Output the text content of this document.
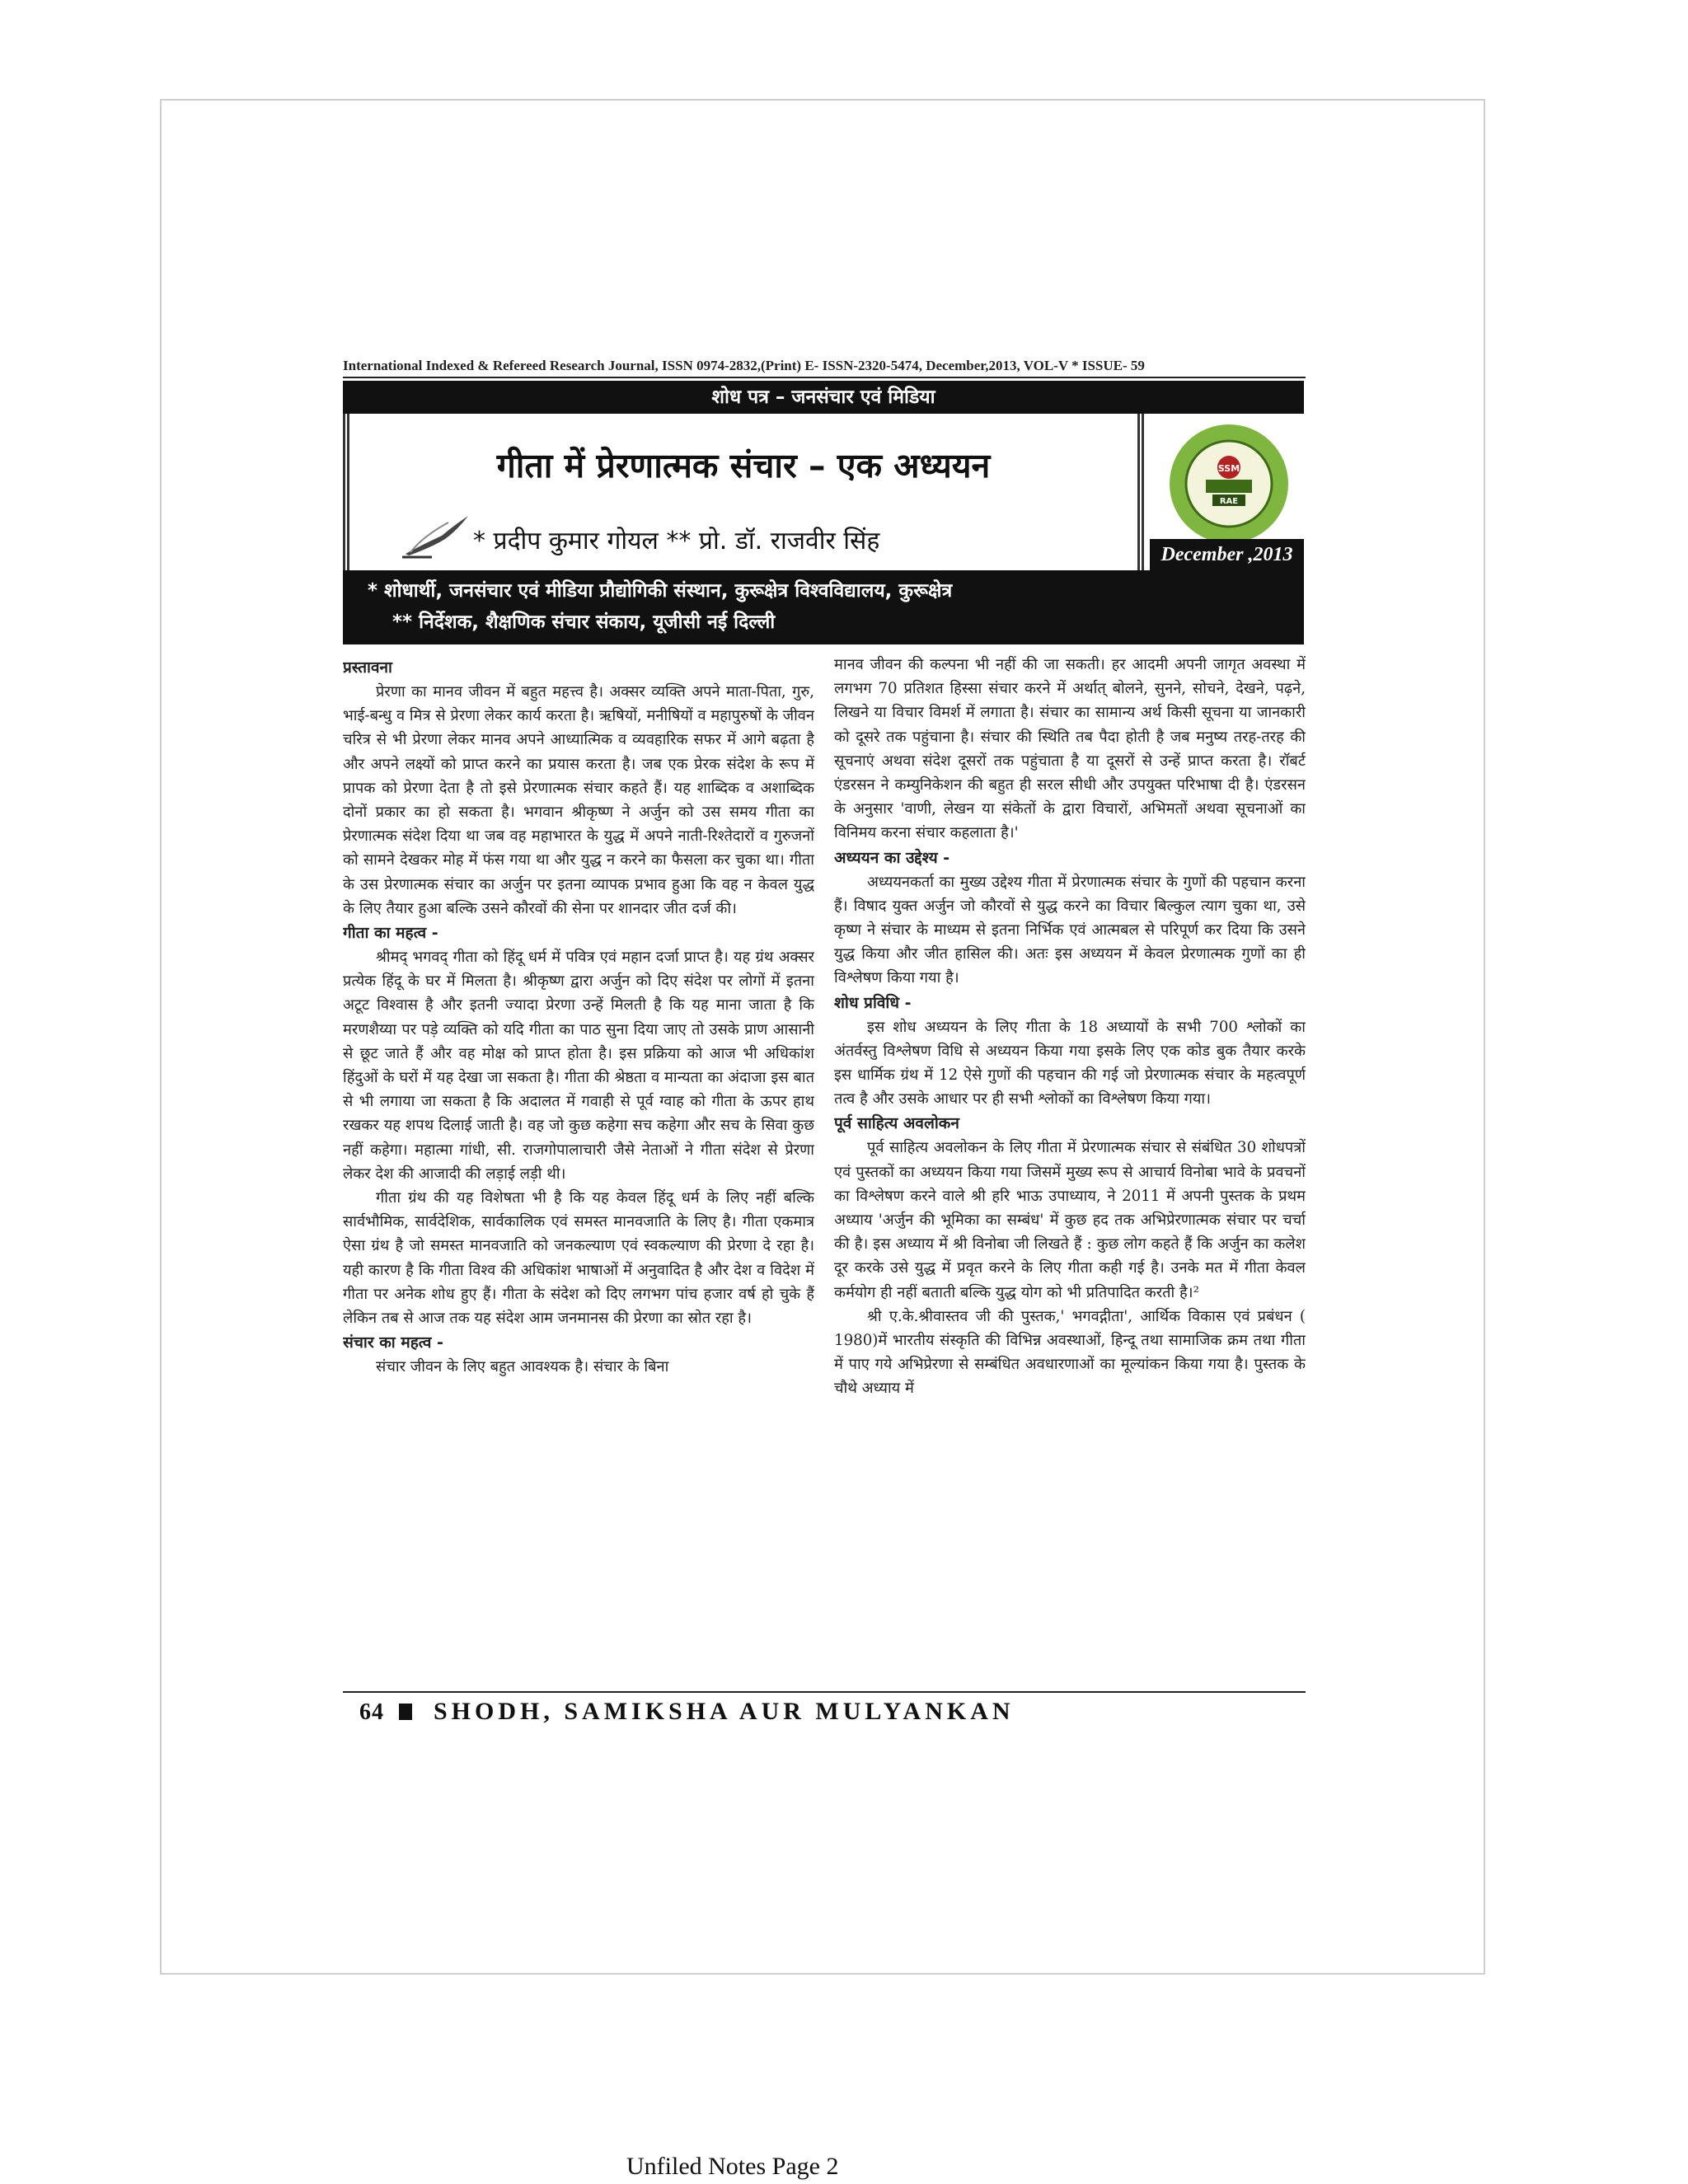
International Indexed & Refereed Research Journal, ISSN 0974-2832,(Print) E- ISSN-2320-5474, December,2013, VOL-V * ISSUE- 59
शोध पत्र – जनसंचार एवं मिडिया
गीता में प्रेरणात्मक संचार – एक अध्ययन
* प्रदीप कुमार गोयल ** प्रो. डॉ. राजवीर सिंह
SSM
RAE
December ,2013
* शोधार्थी, जनसंचार एवं मीडिया प्रौद्योगिकी संस्थान, कुरूक्षेत्र विश्वविद्यालय, कुरूक्षेत्र
** निर्देशक, शैक्षणिक संचार संकाय, यूजीसी नई दिल्ली
प्रस्तावना

प्रेरणा का मानव जीवन में बहुत महत्त्व है। अक्सर व्यक्ति अपने माता-पिता, गुरु, भाई-बन्धु व मित्र से प्रेरणा लेकर कार्य करता है। ऋषियों, मनीषियों व महापुरुषों के जीवन चरित्र से भी प्रेरणा लेकर मानव अपने आध्यात्मिक व व्यवहारिक सफर में आगे बढ़ता है और अपने लक्ष्यों को प्राप्त करने का प्रयास करता है। जब एक प्रेरक संदेश के रूप में प्रापक को प्रेरणा देता है तो इसे प्रेरणात्मक संचार कहते हैं। यह शाब्दिक व अशाब्दिक दोनों प्रकार का हो सकता है। भगवान श्रीकृष्ण ने अर्जुन को उस समय गीता का प्रेरणात्मक संदेश दिया था जब वह महाभारत के युद्ध में अपने नाती-रिश्तेदारों व गुरुजनों को सामने देखकर मोह में फंस गया था और युद्ध न करने का फैसला कर चुका था। गीता के उस प्रेरणात्मक संचार का अर्जुन पर इतना व्यापक प्रभाव हुआ कि वह न केवल युद्ध के लिए तैयार हुआ बल्कि उसने कौरवों की सेना पर शानदार जीत दर्ज की।

गीता का महत्व -

श्रीमद् भगवद् गीता को हिंदू धर्म में पवित्र एवं महान दर्जा प्राप्त है। यह ग्रंथ अक्सर प्रत्येक हिंदू के घर में मिलता है। श्रीकृष्ण द्वारा अर्जुन को दिए संदेश पर लोगों में इतना अटूट विश्वास है और इतनी ज्यादा प्रेरणा उन्हें मिलती है कि यह माना जाता है कि मरणशैय्या पर पड़े व्यक्ति को यदि गीता का पाठ सुना दिया जाए तो उसके प्राण आसानी से छूट जाते हैं और वह मोक्ष को प्राप्त होता है। इस प्रक्रिया को आज भी अधिकांश हिंदुओं के घरों में यह देखा जा सकता है। गीता की श्रेष्ठता व मान्यता का अंदाजा इस बात से भी लगाया जा सकता है कि अदालत में गवाही से पूर्व ग्वाह को गीता के ऊपर हाथ रखकर यह शपथ दिलाई जाती है। वह जो कुछ कहेगा सच कहेगा और सच के सिवा कुछ नहीं कहेगा। महात्मा गांधी, सी. राजगोपालाचारी जैसे नेताओं ने गीता संदेश से प्रेरणा लेकर देश की आजादी की लड़ाई लड़ी थी।

गीता ग्रंथ की यह विशेषता भी है कि यह केवल हिंदू धर्म के लिए नहीं बल्कि सार्वभौमिक, सार्वदेशिक, सार्वकालिक एवं समस्त मानवजाति के लिए है। गीता एकमात्र ऐसा ग्रंथ है जो समस्त मानवजाति को जनकल्याण एवं स्वकल्याण की प्रेरणा दे रहा है। यही कारण है कि गीता विश्व की अधिकांश भाषाओं में अनुवादित है और देश व विदेश में गीता पर अनेक शोध हुए हैं। गीता के संदेश को दिए लगभग पांच हजार वर्ष हो चुके हैं लेकिन तब से आज तक यह संदेश आम जनमानस की प्रेरणा का स्रोत रहा है।

संचार का महत्व -

संचार जीवन के लिए बहुत आवश्यक है। संचार के बिना

मानव जीवन की कल्पना भी नहीं की जा सकती। हर आदमी अपनी जागृत अवस्था में लगभग 70 प्रतिशत हिस्सा संचार करने में अर्थात् बोलने, सुनने, सोचने, देखने, पढ़ने, लिखने या विचार विमर्श में लगाता है। संचार का सामान्य अर्थ किसी सूचना या जानकारी को दूसरे तक पहुंचाना है। संचार की स्थिति तब पैदा होती है जब मनुष्य तरह-तरह की सूचनाएं अथवा संदेश दूसरों तक पहुंचाता है या दूसरों से उन्हें प्राप्त करता है। रॉबर्ट एंडरसन ने कम्युनिकेशन की बहुत ही सरल सीधी और उपयुक्त परिभाषा दी है। एंडरसन के अनुसार 'वाणी, लेखन या संकेतों के द्वारा विचारों, अभिमतों अथवा सूचनाओं का विनिमय करना संचार कहलाता है।'

अध्ययन का उद्देश्य -

अध्ययनकर्ता का मुख्य उद्देश्य गीता में प्रेरणात्मक संचार के गुणों की पहचान करना हैं। विषाद युक्त अर्जुन जो कौरवों से युद्ध करने का विचार बिल्कुल त्याग चुका था, उसे कृष्ण ने संचार के माध्यम से इतना निर्भिक एवं आत्मबल से परिपूर्ण कर दिया कि उसने युद्ध किया और जीत हासिल की। अतः इस अध्ययन में केवल प्रेरणात्मक गुणों का ही विश्लेषण किया गया है।

शोध प्रविधि -

इस शोध अध्ययन के लिए गीता के 18 अध्यायों के सभी 700 श्लोकों का अंतर्वस्तु विश्लेषण विधि से अध्ययन किया गया इसके लिए एक कोड बुक तैयार करके इस धार्मिक ग्रंथ में 12 ऐसे गुणों की पहचान की गई जो प्रेरणात्मक संचार के महत्वपूर्ण तत्व है और उसके आधार पर ही सभी श्लोकों का विश्लेषण किया गया।

पूर्व साहित्य अवलोकन

पूर्व साहित्य अवलोकन के लिए गीता में प्रेरणात्मक संचार से संबंधित 30 शोधपत्रों एवं पुस्तकों का अध्ययन किया गया जिसमें मुख्य रूप से आचार्य विनोबा भावे के प्रवचनों का विश्लेषण करने वाले श्री हरि भाऊ उपाध्याय, ने 2011 में अपनी पुस्तक के प्रथम अध्याय 'अर्जुन की भूमिका का सम्बंध' में कुछ हद तक अभिप्रेरणात्मक संचार पर चर्चा की है। इस अध्याय में श्री विनोबा जी लिखते हैं : कुछ लोग कहते हैं कि अर्जुन का कलेश दूर करके उसे युद्ध में प्रवृत करने के लिए गीता कही गई है। उनके मत में गीता केवल कर्मयोग ही नहीं बताती बल्कि युद्ध योग को भी प्रतिपादित करती है।²

श्री ए.के.श्रीवास्तव जी की पुस्तक,' भगवद्गीता', आर्थिक विकास एवं प्रबंधन ( 1980)में भारतीय संस्कृति की विभिन्न अवस्थाओं, हिन्दू तथा सामाजिक क्रम तथा गीता में पाए गये अभिप्रेरणा से सम्बंधित अवधारणाओं का मूल्यांकन किया गया है। पुस्तक के चौथे अध्याय में

64 SHODH, SAMIKSHA AUR MULYANKAN
Unfiled Notes Page 2
